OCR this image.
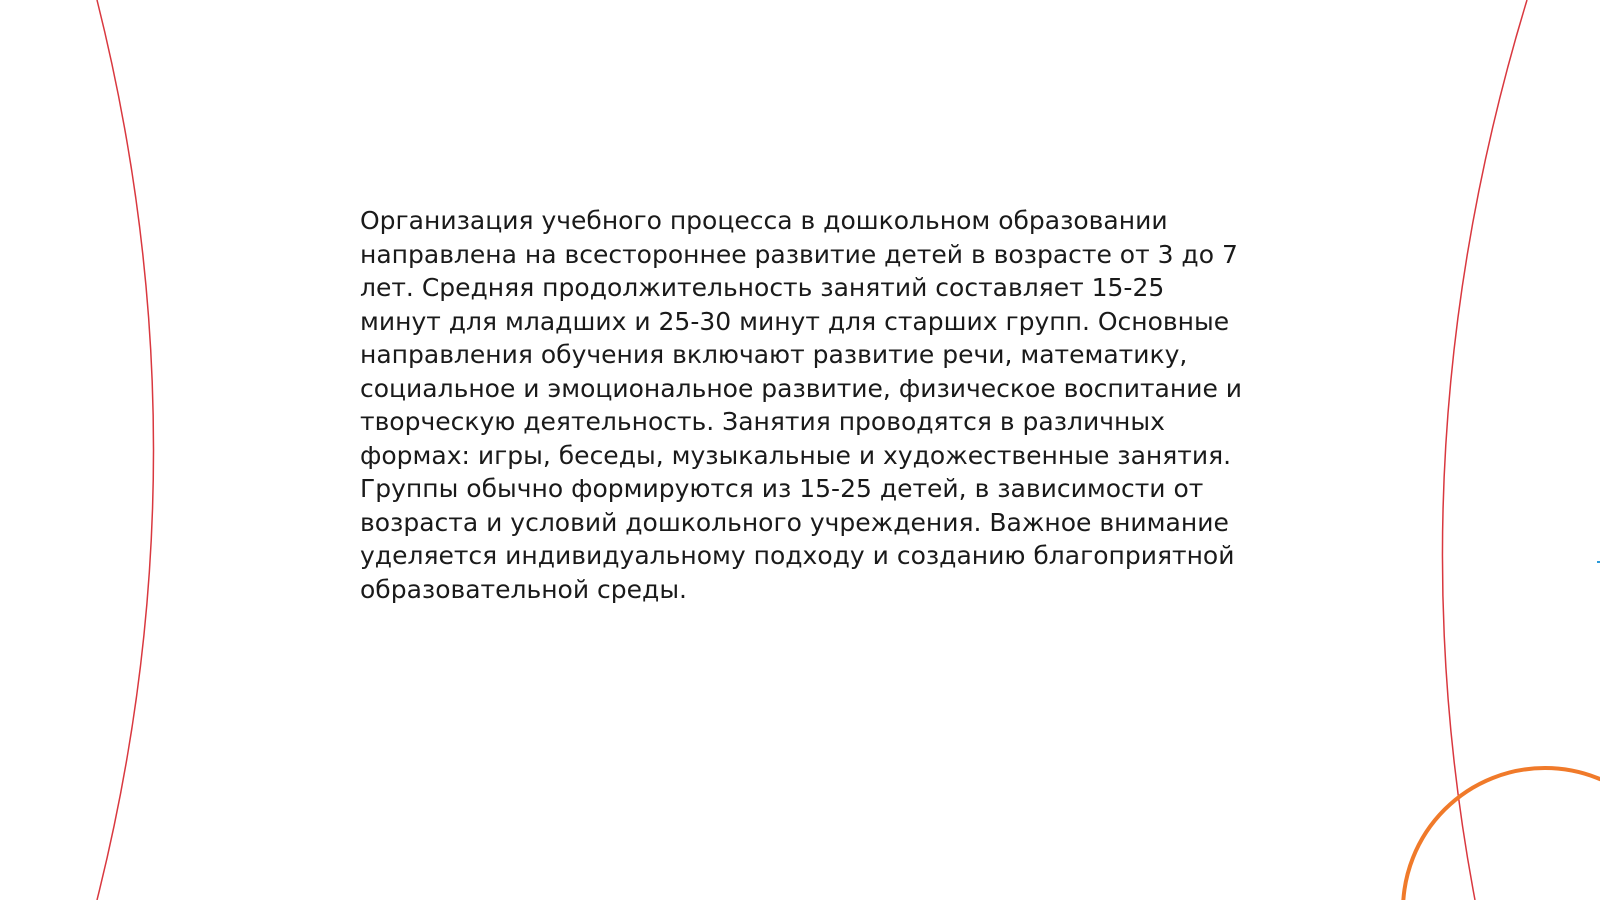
Организация учебного процесса в дошкольном образовании направлена на всестороннее развитие детей в возрасте от 3 до 7 лет. Средняя продолжительность занятий составляет 15-25 минут для младших и 25-30 минут для старших групп. Основные направления обучения включают развитие речи, математику, социальное и эмоциональное развитие, физическое воспитание и творческую деятельность. Занятия проводятся в различных формах: игры, беседы, музыкальные и художественные занятия. Группы обычно формируются из 15-25 детей, в зависимости от возраста и условий дошкольного учреждения. Важное внимание уделяется индивидуальному подходу и созданию благоприятной образовательной среды.
